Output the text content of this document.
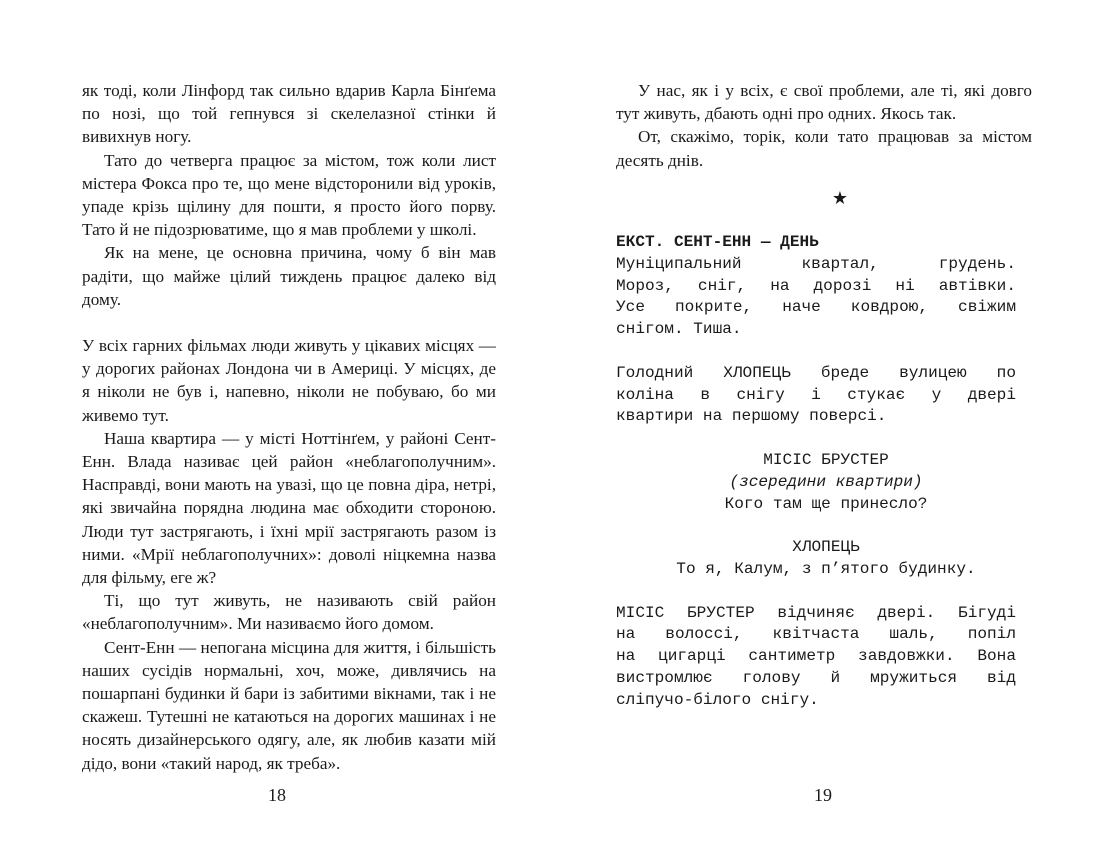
як тоді, коли Лінфорд так сильно вдарив Карла Бінґема по нозі, що той гепнувся зі скелелазної стінки й вивихнув ногу.

Тато до четверга працює за містом, тож коли лист містера Фокса про те, що мене відсторонили від уроків, упаде крізь щілину для пошти, я просто його порву. Тато й не підозрюватиме, що я мав проблеми у школі.

Як на мене, це основна причина, чому б він мав радіти, що майже цілий тиждень працює далеко від дому.

У всіх гарних фільмах люди живуть у цікавих місцях — у дорогих районах Лондона чи в Америці. У місцях, де я ніколи не був і, напевно, ніколи не побуваю, бо ми живемо тут.

Наша квартира — у місті Ноттінґем, у районі Сент-Енн. Влада називає цей район «неблагополучним». Насправді, вони мають на увазі, що це повна діра, нетрі, які звичайна порядна людина має обходити стороною. Люди тут застрягають, і їхні мрії застрягають разом із ними. «Мрії неблагополучних»: доволі ніцкемна назва для фільму, еге ж?

Ті, що тут живуть, не називають свій район «неблагополучним». Ми називаємо його домом.

Сент-Енн — непогана місцина для життя, і більшість наших сусідів нормальні, хоч, може, дивлячись на пошарпані будинки й бари із забитими вікнами, так і не скажеш. Тутешні не катаються на дорогих машинах і не носять дизайнерського одягу, але, як любив казати мій дідо, вони «такий народ, як треба».

18

У нас, як і у всіх, є свої проблеми, але ті, які довго тут живуть, дбають одні про одних. Якось так.

От, скажімо, торік, коли тато працював за містом десять днів.

★
ЕКСТ. СЕНТ-ЕНН — ДЕНЬ
Муніципальний квартал, грудень.
Мороз, сніг, на дорозі ні автівки.
Усе покрите, наче ковдрою, свіжим
снігом. Тиша.
Голодний ХЛОПЕЦЬ бреде вулицею по
коліна в снігу і стукає у двері
квартири на першому поверсі.
МІСІС БРУСТЕР
(зсередини квартири)
Кого там ще принесло?
ХЛОПЕЦЬ
То я, Калум, з п’ятого будинку.
МІСІС БРУСТЕР відчиняє двері. Бігуді
на волоссі, квітчаста шаль, попіл
на цигарці сантиметр завдовжки. Вона
вистромлює голову й мружиться від
сліпучо-білого снігу.
19
